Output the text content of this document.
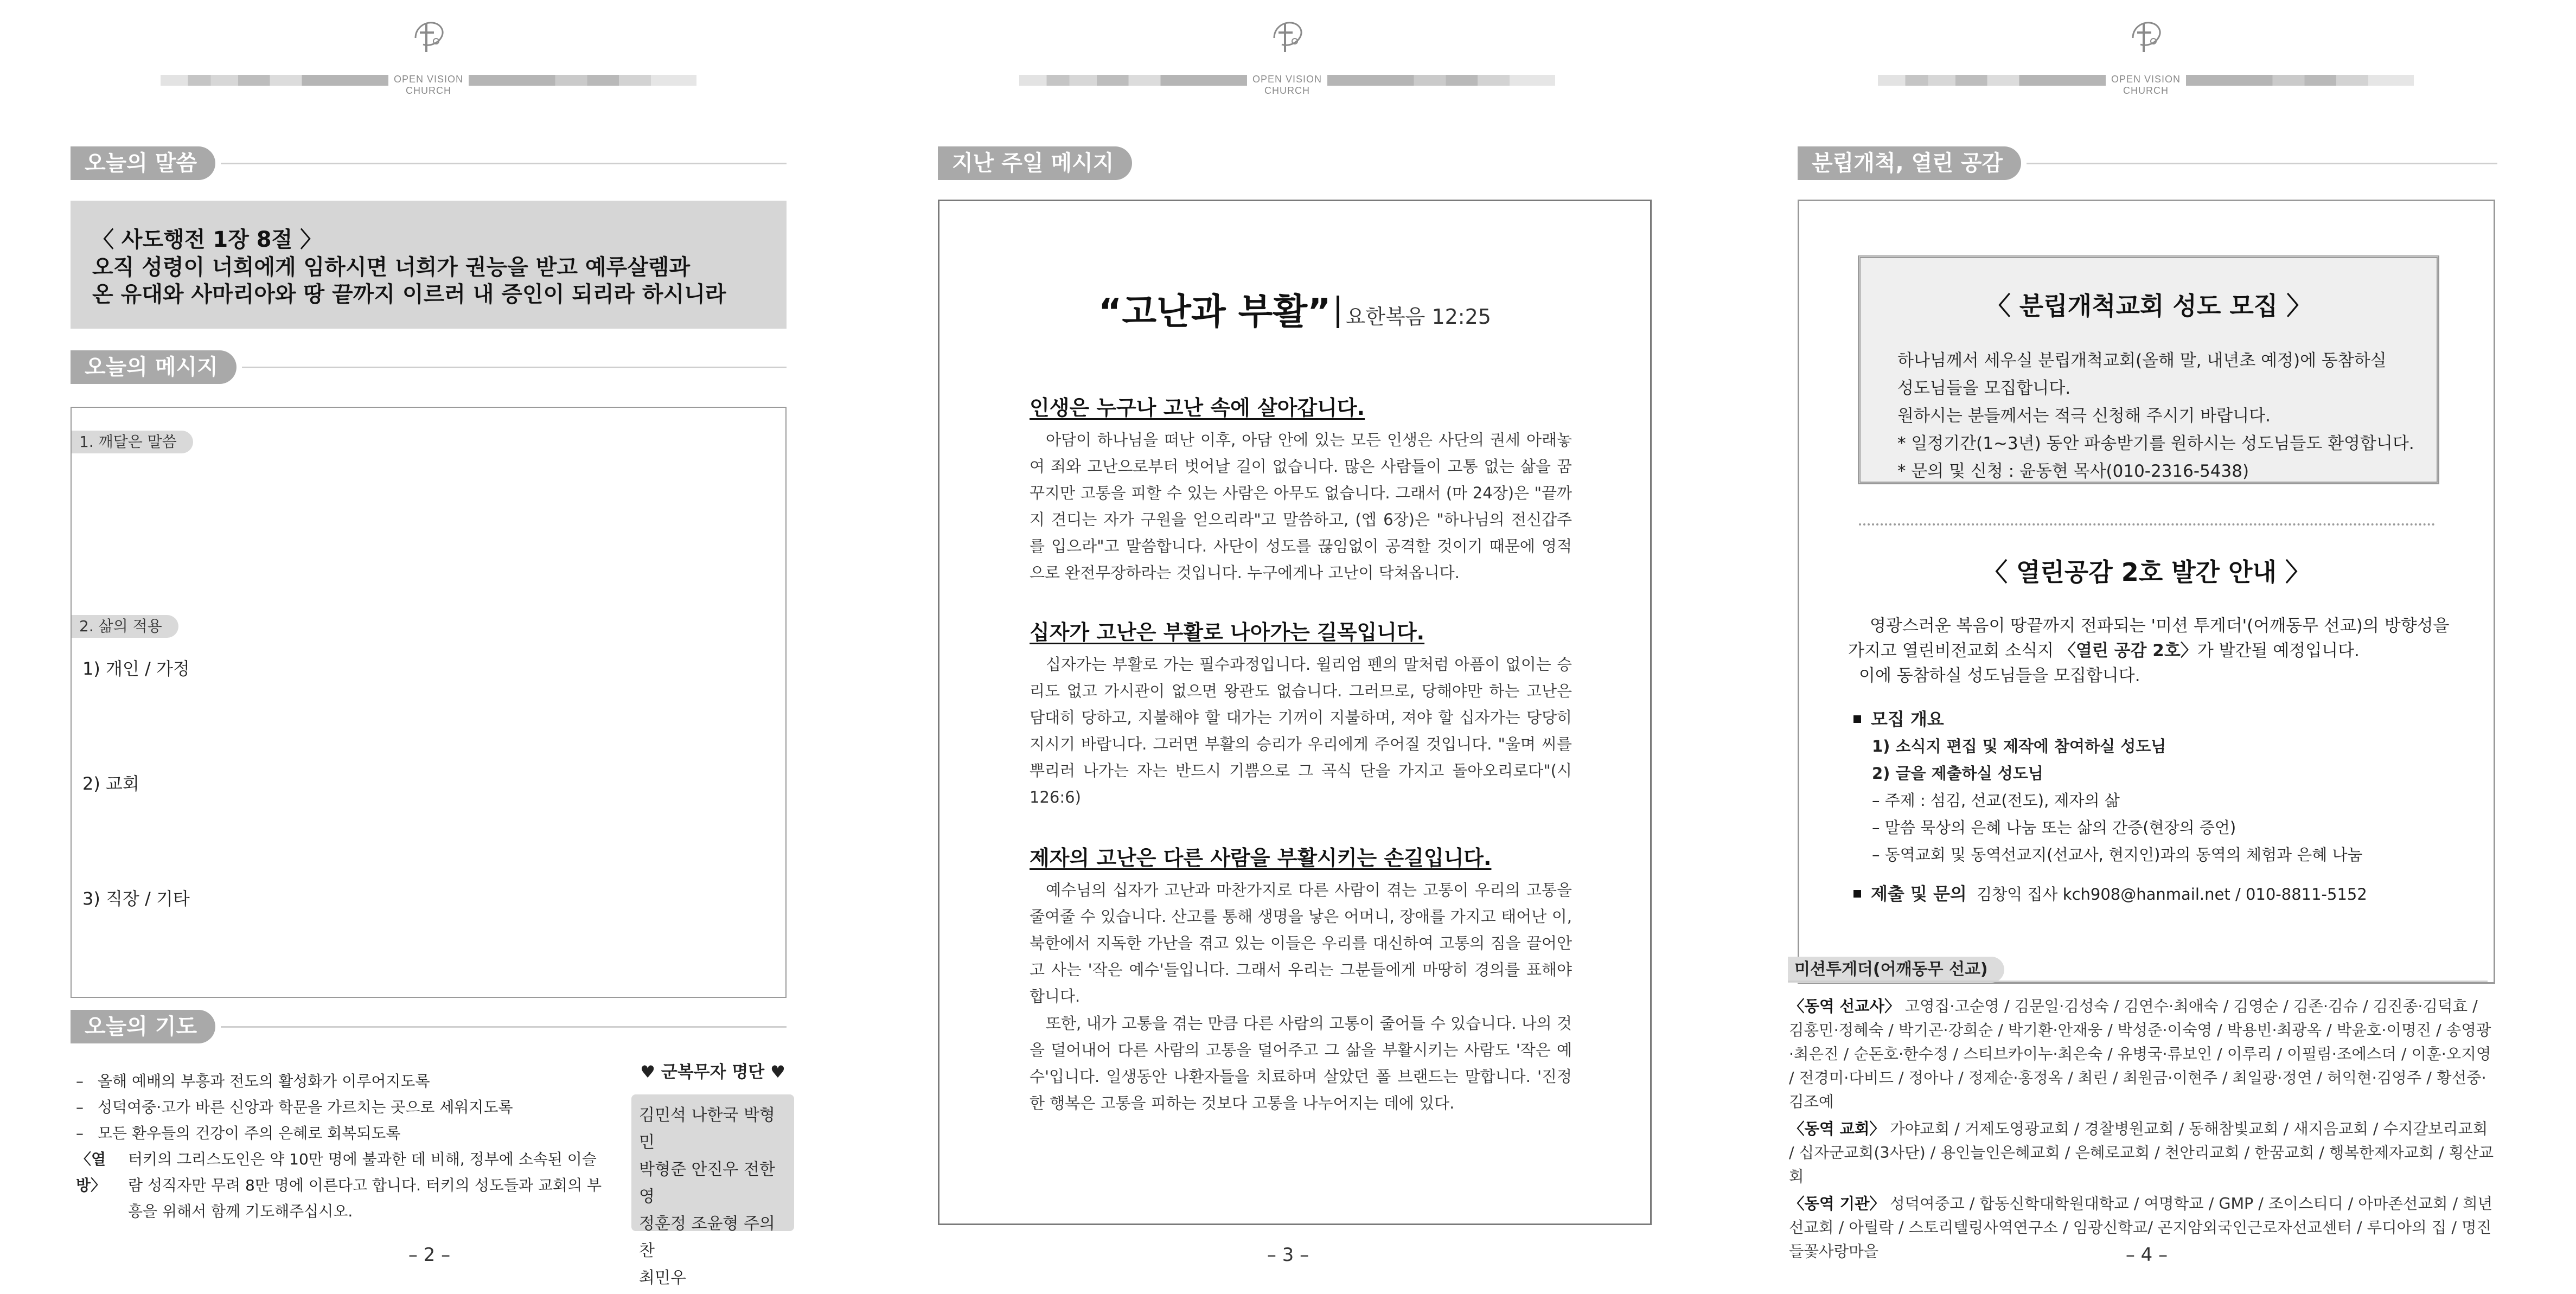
OPEN VISION CHURCH
오늘의 말씀
〈 사도행전 1장 8절 〉
오직 성령이 너희에게 임하시면 너희가 권능을 받고 예루살렘과
온 유대와 사마리아와 땅 끝까지 이르러 내 증인이 되리라 하시니라
오늘의 메시지
1. 깨달은 말씀
2. 삶의 적용
1) 개인 / 가정
2) 교회
3) 직장 / 기타
오늘의 기도
– 올해 예배의 부흥과 전도의 활성화가 이루어지도록
– 성덕여중·고가 바른 신앙과 학문을 가르치는 곳으로 세워지도록
– 모든 환우들의 건강이 주의 은혜로 회복되도록
〈열방〉
터키의 그리스도인은 약 10만 명에 불과한 데 비해, 정부에 소속된 이슬람 성직자만 무려 8만 명에 이른다고 합니다. 터키의 성도들과 교회의 부흥을 위해서 함께 기도해주십시오.
♥ 군복무자 명단 ♥
김민석 나한국 박형민
박형준 안진우 전한영
정훈정 조윤형 주의찬
최민우
– 2 –
OPEN VISION CHURCH
지난 주일 메시지
“고난과 부활” 요한복음 12:25
인생은 누구나 고난 속에 살아갑니다.
아담이 하나님을 떠난 이후, 아담 안에 있는 모든 인생은 사단의 권세 아래놓여 죄와 고난으로부터 벗어날 길이 없습니다. 많은 사람들이 고통 없는 삶을 꿈꾸지만 고통을 피할 수 있는 사람은 아무도 없습니다. 그래서 (마 24장)은 "끝까지 견디는 자가 구원을 얻으리라"고 말씀하고, (엡 6장)은 "하나님의 전신갑주를 입으라"고 말씀합니다. 사단이 성도를 끊임없이 공격할 것이기 때문에 영적으로 완전무장하라는 것입니다. 누구에게나 고난이 닥쳐옵니다.
십자가 고난은 부활로 나아가는 길목입니다.
십자가는 부활로 가는 필수과정입니다. 윌리엄 펜의 말처럼 아픔이 없이는 승리도 없고 가시관이 없으면 왕관도 없습니다. 그러므로, 당해야만 하는 고난은 담대히 당하고, 지불해야 할 대가는 기꺼이 지불하며, 져야 할 십자가는 당당히 지시기 바랍니다. 그러면 부활의 승리가 우리에게 주어질 것입니다. "울며 씨를 뿌리러 나가는 자는 반드시 기쁨으로 그 곡식 단을 가지고 돌아오리로다"(시 126:6)
제자의 고난은 다른 사람을 부활시키는 손길입니다.
예수님의 십자가 고난과 마찬가지로 다른 사람이 겪는 고통이 우리의 고통을 줄여줄 수 있습니다. 산고를 통해 생명을 낳은 어머니, 장애를 가지고 태어난 이, 북한에서 지독한 가난을 겪고 있는 이들은 우리를 대신하여 고통의 짐을 끌어안고 사는 '작은 예수'들입니다. 그래서 우리는 그분들에게 마땅히 경의를 표해야 합니다.
또한, 내가 고통을 겪는 만큼 다른 사람의 고통이 줄어들 수 있습니다. 나의 것을 덜어내어 다른 사람의 고통을 덜어주고 그 삶을 부활시키는 사람도 '작은 예수'입니다. 일생동안 나환자들을 치료하며 살았던 폴 브랜드는 말합니다. '진정한 행복은 고통을 피하는 것보다 고통을 나누어지는 데에 있다.
– 3 –
OPEN VISION CHURCH
분립개척, 열린 공감
〈 분립개척교회 성도 모집 〉
하나님께서 세우실 분립개척교회(올해 말, 내년초 예정)에 동참하실
성도님들을 모집합니다.
원하시는 분들께서는 적극 신청해 주시기 바랍니다.
* 일정기간(1~3년) 동안 파송받기를 원하시는 성도님들도 환영합니다.
* 문의 및 신청 : 윤동현 목사(010-2316-5438)
〈 열린공감 2호 발간 안내 〉
영광스러운 복음이 땅끝까지 전파되는 '미션 투게더'(어깨동무 선교)의 방향성을
가지고 열린비전교회 소식지 〈열린 공감 2호〉가 발간될 예정입니다.
이에 동참하실 성도님들을 모집합니다.
모집 개요
1) 소식지 편집 및 제작에 참여하실 성도님
2) 글을 제출하실 성도님
– 주제 : 섬김, 선교(전도), 제자의 삶
– 말씀 묵상의 은혜 나눔 또는 삶의 간증(현장의 증언)
– 동역교회 및 동역선교지(선교사, 현지인)과의 동역의 체험과 은혜 나눔
제출 및 문의 김창익 집사 kch908@hanmail.net / 010-8811-5152
미션투게더(어깨동무 선교)
〈동역 선교사〉 고영집·고순영 / 김문일·김성숙 / 김연수·최애숙 / 김영순 / 김존·김슈 / 김진종·김덕효 / 김홍민·정혜숙 / 박기곤·강희순 / 박기환·안재웅 / 박성준·이숙영 / 박용빈·최광옥 / 박윤호·이명진 / 송영광·최은진 / 순돈호·한수정 / 스티브카이누·최은숙 / 유병국·류보인 / 이루리 / 이필림·조에스더 / 이훈·오지영 / 전경미·다비드 / 정아나 / 정제순·홍정옥 / 최린 / 최원금·이현주 / 최일광·정연 / 허익현·김영주 / 황선중·김조예
〈동역 교회〉 가야교회 / 거제도영광교회 / 경찰병원교회 / 동해참빛교회 / 새지음교회 / 수지갈보리교회 / 십자군교회(3사단) / 용인늘인은혜교회 / 은혜로교회 / 천안리교회 / 한꿈교회 / 행복한제자교회 / 횡산교회
〈동역 기관〉 성덕여중고 / 합동신학대학원대학교 / 여명학교 / GMP / 조이스티디 / 아마존선교회 / 희년선교회 / 아릴락 / 스토리텔링사역연구소 / 임광신학교/ 곤지암외국인근로자선교센터 / 루디아의 집 / 명진들꽃사랑마을	– 4 –
